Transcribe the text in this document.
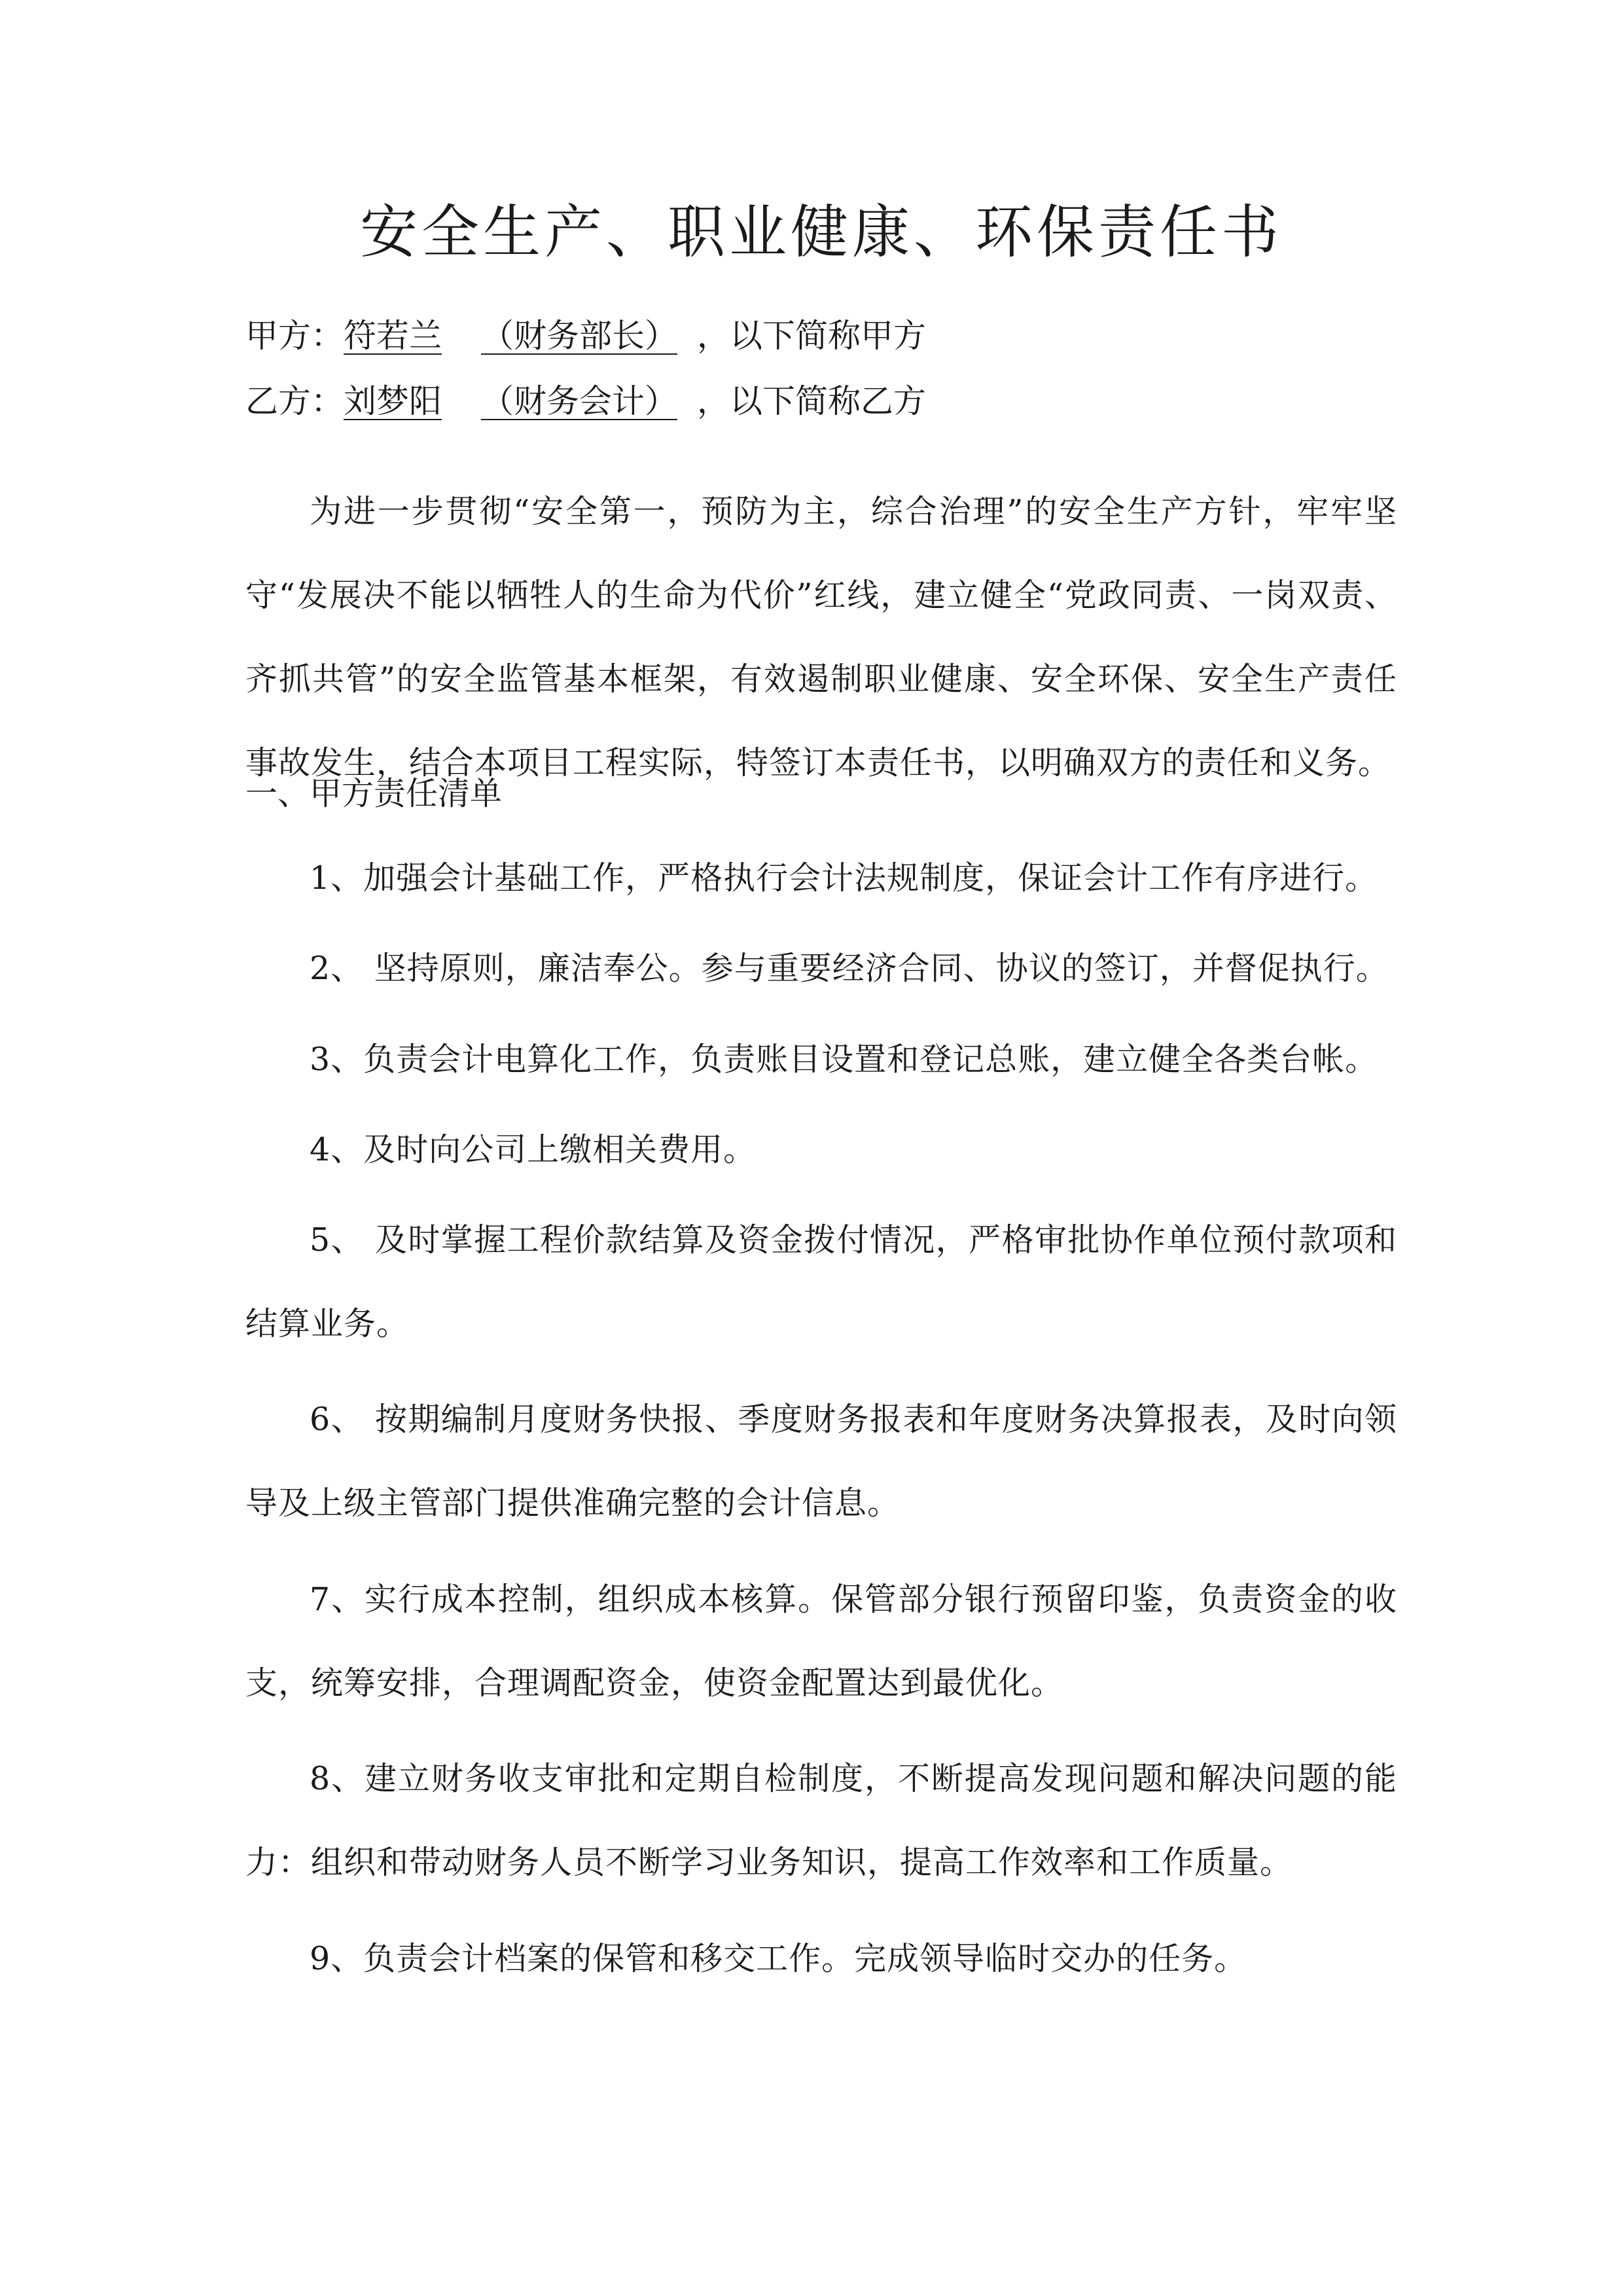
安全生产、职业健康、环保责任书
甲方：符若兰 （财务部长） ，以下简称甲方
乙方：刘梦阳 （财务会计） ，以下简称乙方

为进一步贯彻“安全第一，预防为主，综合治理”的安全生产方针，牢牢坚守“发展决不能以牺牲人的生命为代价”红线，建立健全“党政同责、一岗双责、齐抓共管”的安全监管基本框架，有效遏制职业健康、安全环保、安全生产责任事故发生，结合本项目工程实际，特签订本责任书，以明确双方的责任和义务。

一、甲方责任清单

1、加强会计基础工作，严格执行会计法规制度，保证会计工作有序进行。

2、 坚持原则，廉洁奉公。参与重要经济合同、协议的签订，并督促执行。

3、负责会计电算化工作，负责账目设置和登记总账，建立健全各类台帐。

4、及时向公司上缴相关费用。

5、 及时掌握工程价款结算及资金拨付情况，严格审批协作单位预付款项和结算业务。

6、 按期编制月度财务快报、季度财务报表和年度财务决算报表，及时向领导及上级主管部门提供准确完整的会计信息。

7、实行成本控制，组织成本核算。保管部分银行预留印鉴，负责资金的收支，统筹安排，合理调配资金，使资金配置达到最优化。

8、建立财务收支审批和定期自检制度，不断提高发现问题和解决问题的能力：组织和带动财务人员不断学习业务知识，提高工作效率和工作质量。

9、负责会计档案的保管和移交工作。完成领导临时交办的任务。
